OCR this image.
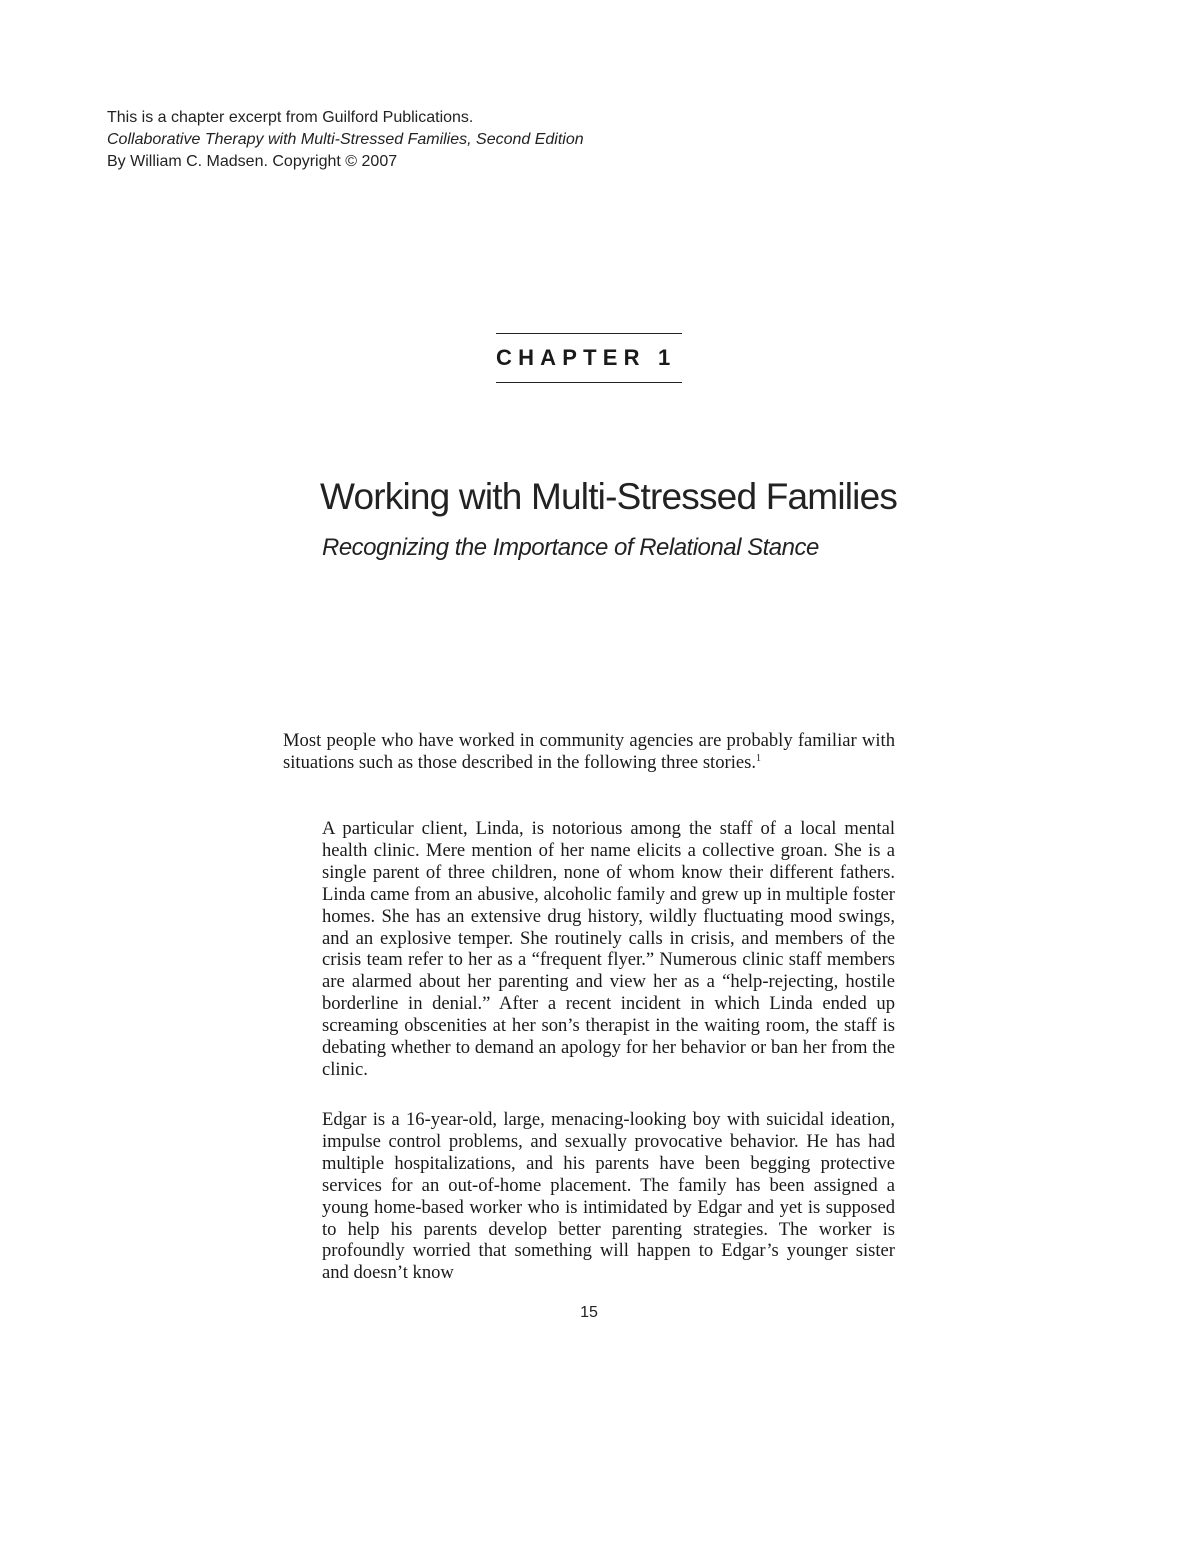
This is a chapter excerpt from Guilford Publications.
Collaborative Therapy with Multi-Stressed Families, Second Edition
By William C. Madsen. Copyright © 2007
CHAPTER 1
Working with Multi-Stressed Families
Recognizing the Importance of Relational Stance

Most people who have worked in community agencies are probably familiar with situations such as those described in the following three stories.$^1$

A particular client, Linda, is notorious among the staff of a local mental health clinic. Mere mention of her name elicits a collective groan. She is a single parent of three children, none of whom know their different fathers. Linda came from an abusive, alcoholic family and grew up in multiple foster homes. She has an extensive drug history, wildly fluctuating mood swings, and an explosive temper. She routinely calls in crisis, and members of the crisis team refer to her as a “frequent flyer.” Numerous clinic staff members are alarmed about her parenting and view her as a “help-rejecting, hostile borderline in denial.” After a recent incident in which Linda ended up screaming obscenities at her son’s therapist in the waiting room, the staff is debating whether to demand an apology for her behavior or ban her from the clinic.

Edgar is a 16-year-old, large, menacing-looking boy with suicidal ideation, impulse control problems, and sexually provocative behavior. He has had multiple hospitalizations, and his parents have been begging protective services for an out-of-home placement. The family has been assigned a young home-based worker who is intimidated by Edgar and yet is supposed to help his parents develop better parenting strategies. The worker is profoundly worried that something will happen to Edgar’s younger sister and doesn’t know

15
